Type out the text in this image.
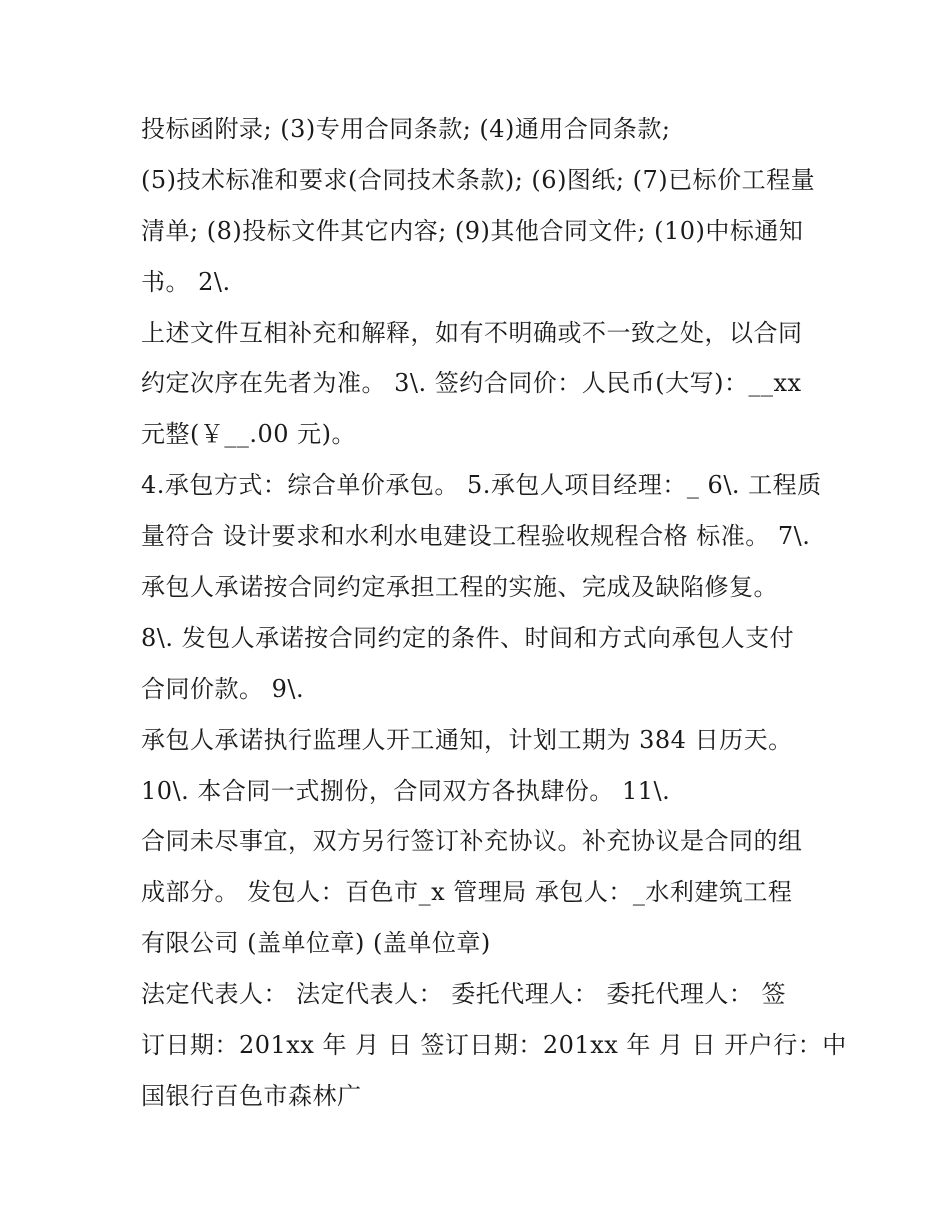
投标函附录; (3)专用合同条款; (4)通用合同条款;
(5)技术标准和要求(合同技术条款); (6)图纸; (7)已标价工程量
清单; (8)投标文件其它内容; (9)其他合同文件; (10)中标通知
书。 2\.
上述文件互相补充和解释，如有不明确或不一致之处，以合同
约定次序在先者为准。 3\. 签约合同价：人民币(大写)：__xx
元整(￥__.00 元)。
4.承包方式：综合单价承包。 5.承包人项目经理：_ 6\. 工程质
量符合 设计要求和水利水电建设工程验收规程合格 标准。 7\.
承包人承诺按合同约定承担工程的实施、完成及缺陷修复。
8\. 发包人承诺按合同约定的条件、时间和方式向承包人支付
合同价款。 9\.
承包人承诺执行监理人开工通知，计划工期为 384 日历天。
10\. 本合同一式捌份，合同双方各执肆份。 11\.
合同未尽事宜，双方另行签订补充协议。补充协议是合同的组
成部分。 发包人：百色市_x 管理局 承包人：_水利建筑工程
有限公司 (盖单位章) (盖单位章)
法定代表人： 法定代表人： 委托代理人： 委托代理人： 签
订日期：201xx 年 月 日 签订日期：201xx 年 月 日 开户行：中
国银行百色市森林广
